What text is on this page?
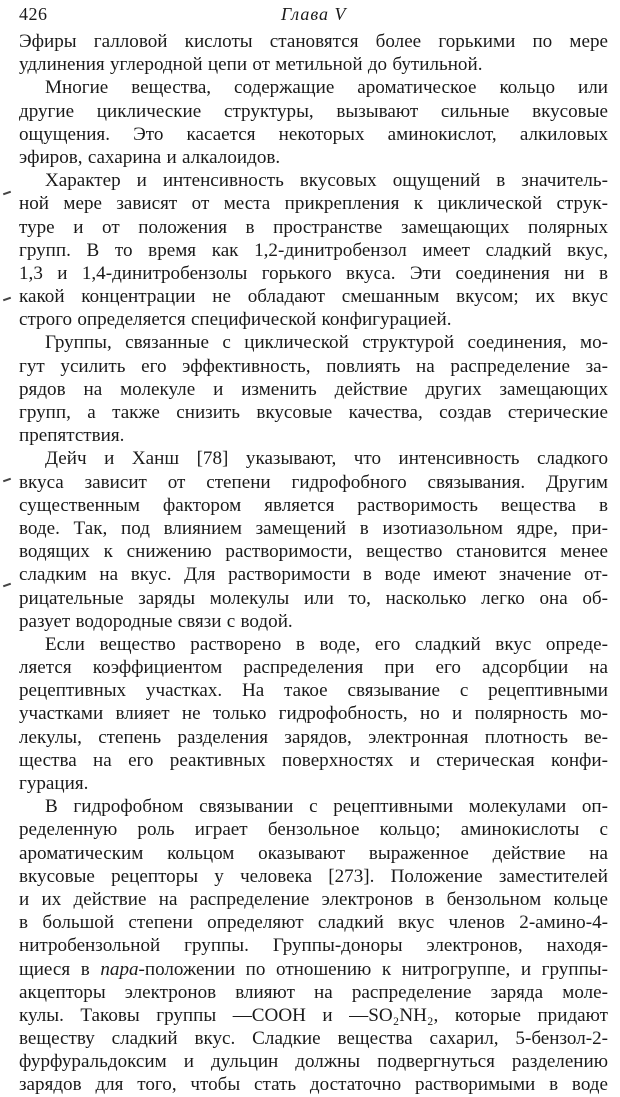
426	Глава V

Эфиры галловой кислоты становятся более горькими по мере
удлинения углеродной цепи от метильной до бутильной.

Многие вещества, содержащие ароматическое кольцо или
другие циклические структуры, вызывают сильные вкусовые
ощущения. Это касается некоторых аминокислот, алкиловых
эфиров, сахарина и алкалоидов.

Характер и интенсивность вкусовых ощущений в значитель-
ной мере зависят от места прикрепления к циклической струк-
туре и от положения в пространстве замещающих полярных
групп. В то время как 1,2-динитробензол имеет сладкий вкус,
1,3 и 1,4-динитробензолы горького вкуса. Эти соединения ни в
какой концентрации не обладают смешанным вкусом; их вкус
строго определяется специфической конфигурацией.

Группы, связанные с циклической структурой соединения, мо-
гут усилить его эффективность, повлиять на распределение за-
рядов на молекуле и изменить действие других замещающих
групп, а также снизить вкусовые качества, создав стерические
препятствия.

Дейч и Ханш [78] указывают, что интенсивность сладкого
вкуса зависит от степени гидрофобного связывания. Другим
существенным фактором является растворимость вещества в
воде. Так, под влиянием замещений в изотиазольном ядре, при-
водящих к снижению растворимости, вещество становится менее
сладким на вкус. Для растворимости в воде имеют значение от-
рицательные заряды молекулы или то, насколько легко она об-
разует водородные связи с водой.

Если вещество растворено в воде, его сладкий вкус опреде-
ляется коэффициентом распределения при его адсорбции на
рецептивных участках. На такое связывание с рецептивными
участками влияет не только гидрофобность, но и полярность мо-
лекулы, степень разделения зарядов, электронная плотность ве-
щества на его реактивных поверхностях и стерическая конфи-
гурация.

В гидрофобном связывании с рецептивными молекулами оп-
ределенную роль играет бензольное кольцо; аминокислоты с
ароматическим кольцом оказывают выраженное действие на
вкусовые рецепторы у человека [273]. Положение заместителей
и их действие на распределение электронов в бензольном кольце
в большой степени определяют сладкий вкус членов 2-амино-4-
нитробензольной группы. Группы-доноры электронов, находя-
щиеся в пара-положении по отношению к нитрогруппе, и группы-
акцепторы электронов влияют на распределение заряда моле-
кулы. Таковы группы —COOH и —SO₂NH₂, которые придают
веществу сладкий вкус. Сладкие вещества сахарил, 5-бензол-2-
фурфуральдоксим и дульцин должны подвергнуться разделению
зарядов для того, чтобы стать достаточно растворимыми в воде
